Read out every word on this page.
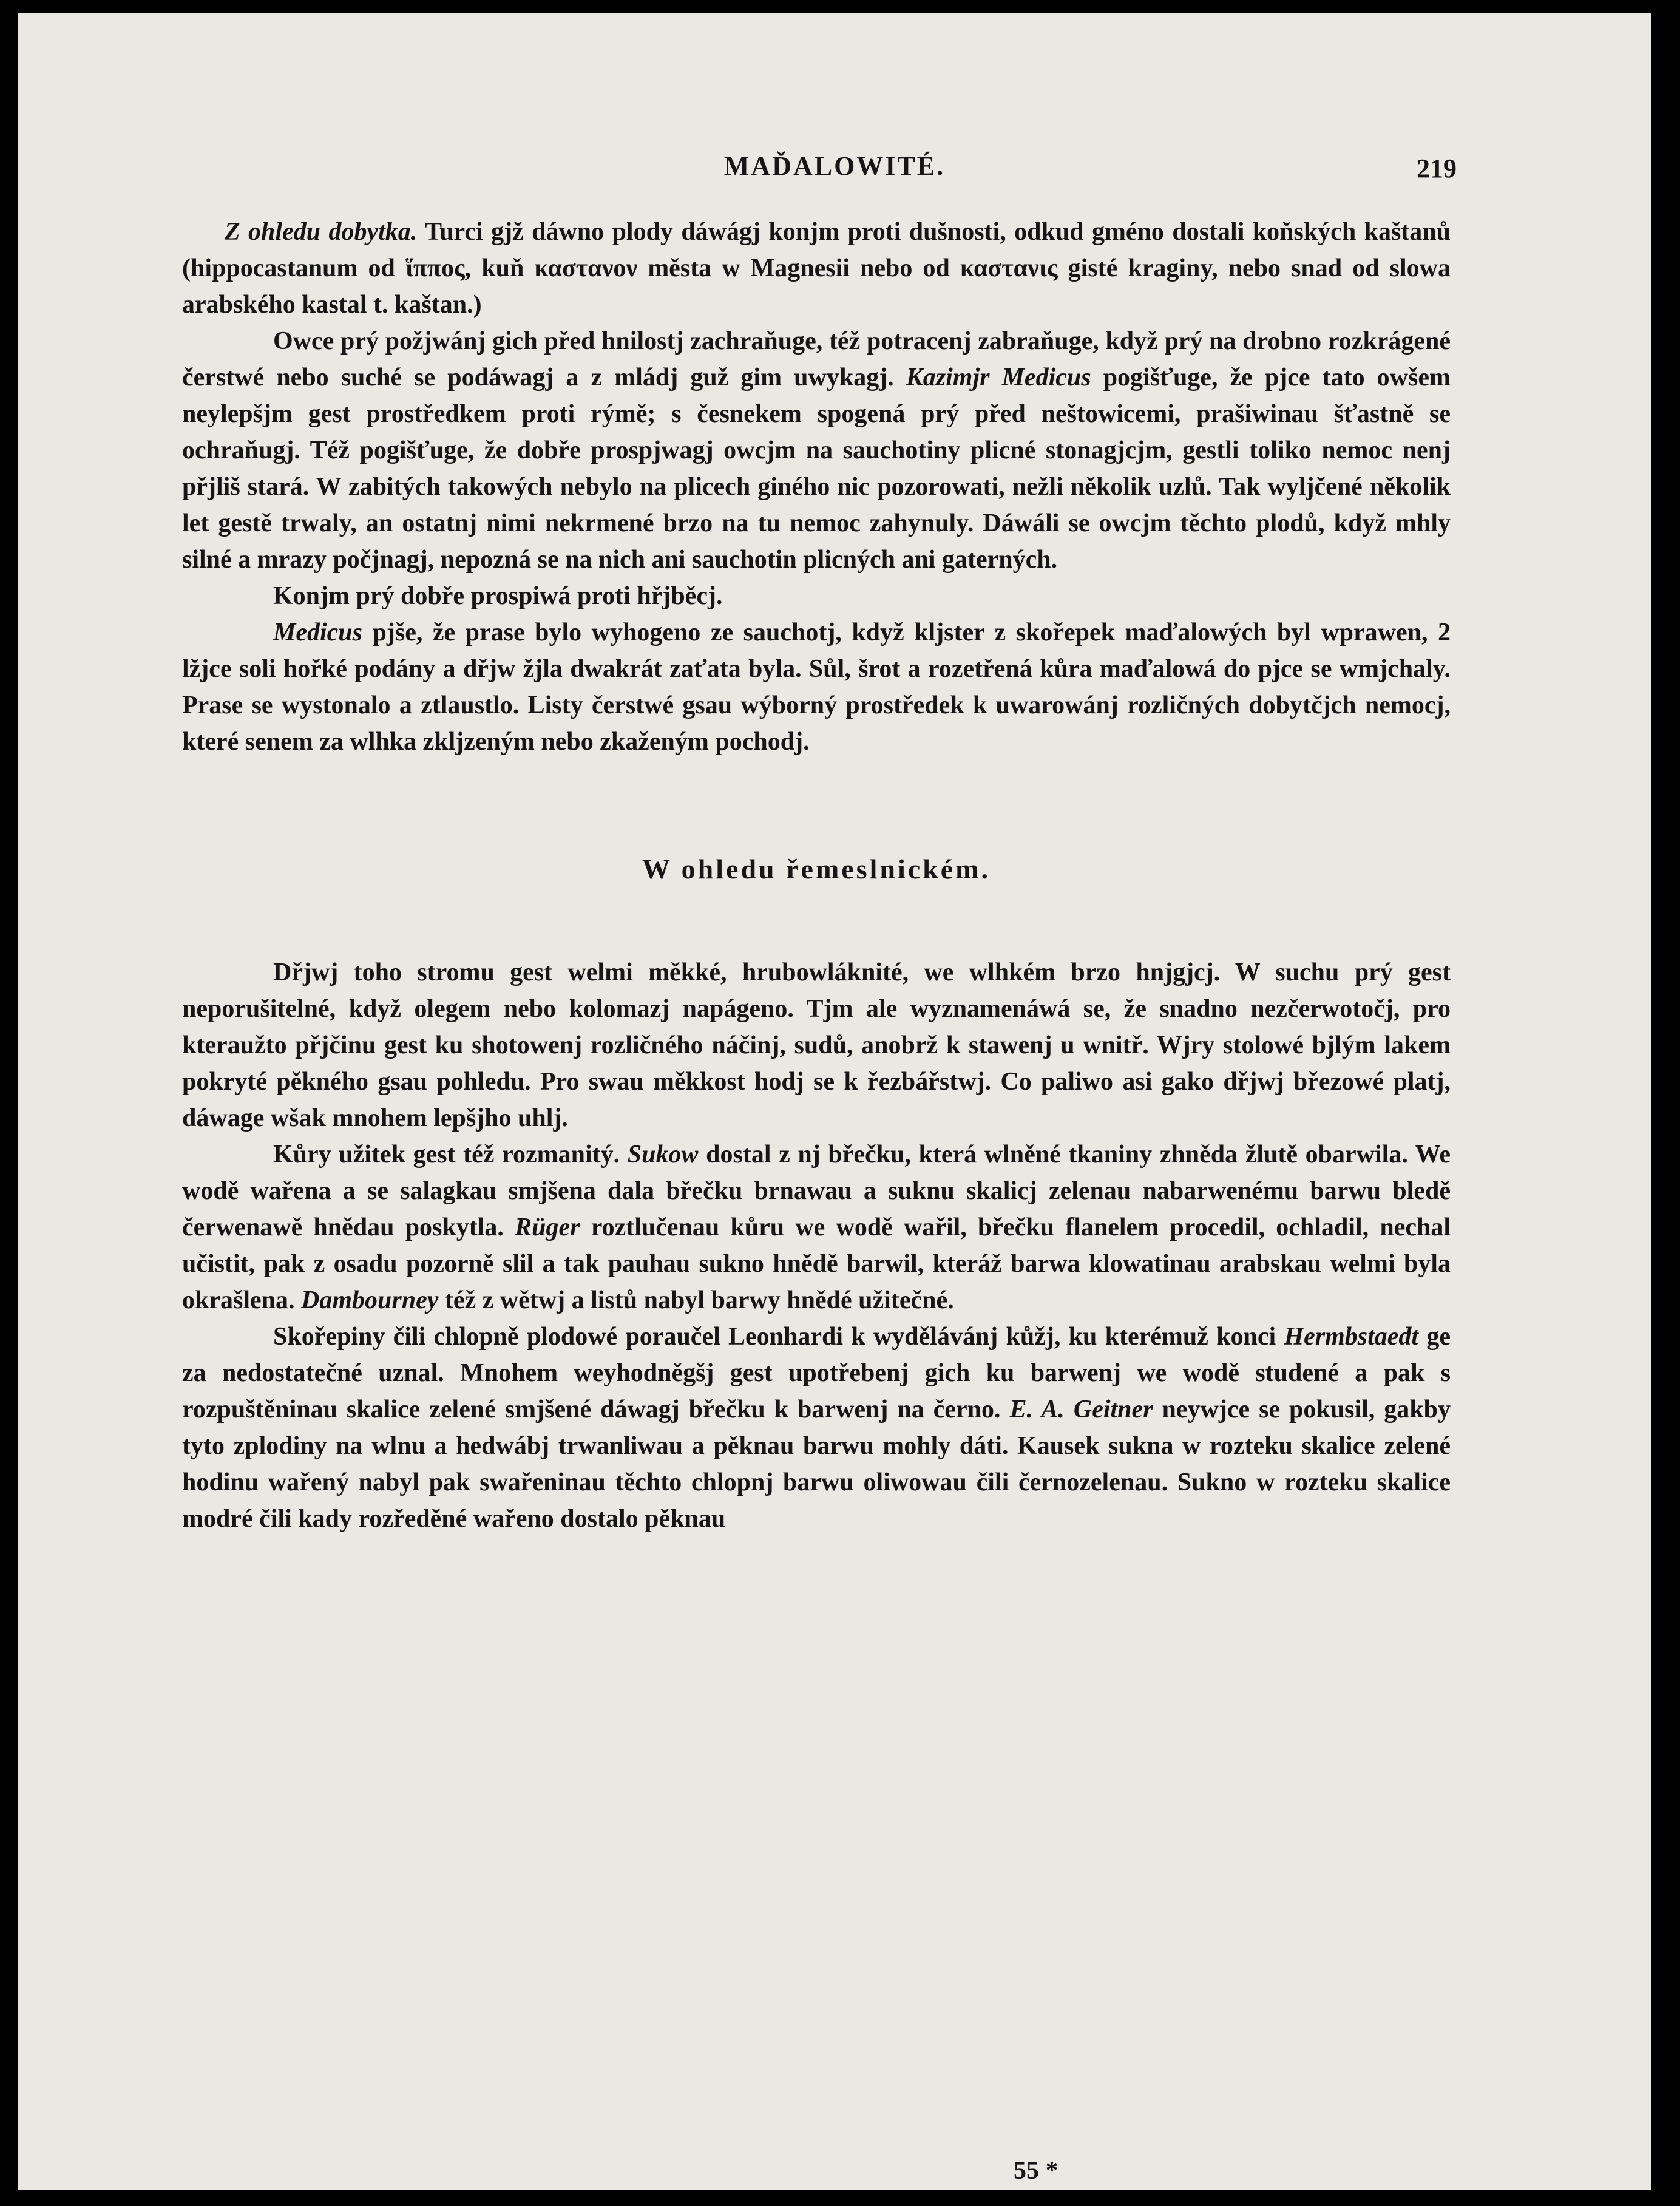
MAĎALOWITÉ.	219

Z ohledu dobytka. Turci gjž dáwno plody dáwágj konjm proti dušnosti, odkud gméno dostali koňských kaštanů (hippocastanum od ἵππος, kuň καστανον města w Magnesii nebo od καστανις gisté kraginy, nebo snad od slowa arabského kastal t. kaštan.)

Owce prý požjwánj gich před hnilostj zachraňuge, též potracenj zabraňuge, když prý na drobno rozkrágené čerstwé nebo suché se podáwagj a z mládj guž gim uwykagj. Kazimjr Medicus pogišťuge, že pjce tato owšem neylepšjm gest prostředkem proti rýmě; s česnekem spogená prý před neštowicemi, prašiwinau šťastně se ochraňugj. Též pogišťuge, že dobře prospjwagj owcjm na sauchotiny plicné stonagjcjm, gestli toliko nemoc nenj přjliš stará. W zabitých takowých nebylo na plicech giného nic pozorowati, nežli několik uzlů. Tak wyljčené několik let gestě trwaly, an ostatnj nimi nekrmené brzo na tu nemoc zahynuly. Dáwáli se owcjm těchto plodů, když mhly silné a mrazy počjnagj, nepozná se na nich ani sauchotin plicných ani gaterných.

Konjm prý dobře prospiwá proti hřjběcj.

Medicus pjše, že prase bylo wyhogeno ze sauchotj, když kljster z skořepek maďalowých byl wprawen, 2 lžjce soli hořké podány a dřjw žjla dwakrát zaťata byla. Sůl, šrot a rozetřená kůra maďalowá do pjce se wmjchaly. Prase se wystonalo a ztlaustlo. Listy čerstwé gsau wýborný prostředek k uwarowánj rozličných dobytčjch nemocj, které senem za wlhka zkljzeným nebo zkaženým pochodj.

W ohledu řemeslnickém.

Dřjwj toho stromu gest welmi měkké, hrubowláknité, we wlhkém brzo hnjgjcj. W suchu prý gest neporušitelné, když olegem nebo kolomazj napágeno. Tjm ale wyznamenáwá se, že snadno nezčerwotočj, pro kteraužto přjčinu gest ku shotowenj rozličného náčinj, sudů, anobrž k stawenj u wnitř. Wjry stolowé bjlým lakem pokryté pěkného gsau pohledu. Pro swau měkkost hodj se k řezbářstwj. Co paliwo asi gako dřjwj březowé platj, dáwage wšak mnohem lepšjho uhlj.

Kůry užitek gest též rozmanitý. Sukow dostal z nj břečku, která wlněné tkaniny zhněda žlutě obarwila. We wodě wařena a se salagkau smjšena dala břečku brnawau a suknu skalicj zelenau nabarwenému barwu bledě čerwenawě hnědau poskytla. Rüger roztlučenau kůru we wodě wařil, břečku flanelem procedil, ochladil, nechal učistit, pak z osadu pozorně slil a tak pauhau sukno hnědě barwil, kteráž barwa klowatinau arabskau welmi byla okrašlena. Dambourney též z wětwj a listů nabyl barwy hnědé užitečné.

Skořepiny čili chlopně plodowé poraučel Leonhardi k wydělávánj kůžj, ku kterémuž konci Hermbstaedt ge za nedostatečné uznal. Mnohem weyhodněgšj gest upotřebenj gich ku barwenj we wodě studené a pak s rozpuštěninau skalice zelené smjšené dáwagj břečku k barwenj na černo. E. A. Geitner neywjce se pokusil, gakby tyto zplodiny na wlnu a hedwábj trwanliwau a pěknau barwu mohly dáti. Kausek sukna w rozteku skalice zelené hodinu wařený nabyl pak swařeninau těchto chlopnj barwu oliwowau čili černozelenau. Sukno w rozteku skalice modré čili kady rozředěné wařeno dostalo pěknau

55 *
